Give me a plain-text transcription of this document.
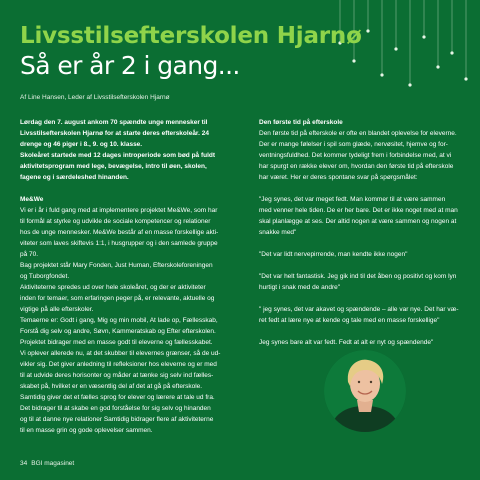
Livsstilsefterskolen Hjarnø
Så er år 2 i gang...
Af Line Hansen, Leder af Livsstilsefterskolen Hjarnø

Lørdag den 7. august ankom 70 spændte unge mennesker til
Livsstilsefterskolen Hjarnø for at starte deres efterskoleår. 24
drenge og 46 piger i 8., 9. og 10. klasse.
Skoleåret startede med 12 dages introperiode som bød på fuldt
aktivitetsprogram med lege, bevægelse, intro til øen, skolen,
fagene og i særdeleshed hinanden.

Me&We
Vi er i år i fuld gang med at implementere projektet Me&We, som har
til formål at styrke og udvikle de sociale kompetencer og relationer
hos de unge mennesker. Me&We består af en masse forskellige akti-
viteter som laves skiftevis 1:1, i husgrupper og i den samlede gruppe
på 70.
Bag projektet står Mary Fonden, Just Human, Efterskoleforeningen
og Tuborgfondet.
Aktiviteterne spredes ud over hele skoleåret, og der er aktiviteter
inden for temaer, som erfaringen peger på, er relevante, aktuelle og
vigtige på alle efterskoler.
Temaerne er: Godt i gang, Mig og min mobil, At lade op, Fællesskab,
Forstå dig selv og andre, Søvn, Kammeratskab og Efter efterskolen.
Projektet bidrager med en masse godt til eleverne og fællesskabet.
Vi oplever allerede nu, at det skubber til elevernes grænser, så de ud-
vikler sig. Det giver anledning til refleksioner hos eleverne og er med
til at udvide deres horisonter og måder at tænke sig selv ind fælles-
skabet på, hvilket er en væsentlig del af det at gå på efterskole.
Samtidig giver det et fælles sprog for elever og lærere at tale ud fra.
Det bidrager til at skabe en god forståelse for sig selv og hinanden
og til at danne nye relationer Samtidig bidrager flere af aktiviteterne
til en masse grin og gode oplevelser sammen.

Den første tid på efterskole
Den første tid på efterskole er ofte en blandet oplevelse for eleverne.
Der er mange følelser i spil som glæde, nervøsitet, hjemve og for-
ventningsfuldhed. Det kommer tydeligt frem i forbindelse med, at vi
har spurgt en række elever om, hvordan den første tid på efterskole
har været. Her er deres spontane svar på spørgsmålet:

"Jeg synes, det var meget fedt. Man kommer til at være sammen
med venner hele tiden. De er her bare. Det er ikke noget med at man
skal planlægge at ses. Der altid nogen at være sammen og nogen at
snakke med"

"Det var lidt nervepirrende, man kendte ikke nogen"

"Det var helt fantastisk. Jeg gik ind til det åben og positivt og kom lyn
hurtigt i snak med de andre"

" jeg synes, det var akavet og spændende – alle var nye. Det har væ-
ret fedt at lære nye at kende og tale med en masse forskellige"

Jeg synes bare alt var fedt. Fedt at alt er nyt og spændende"

34 BGI magasinet
